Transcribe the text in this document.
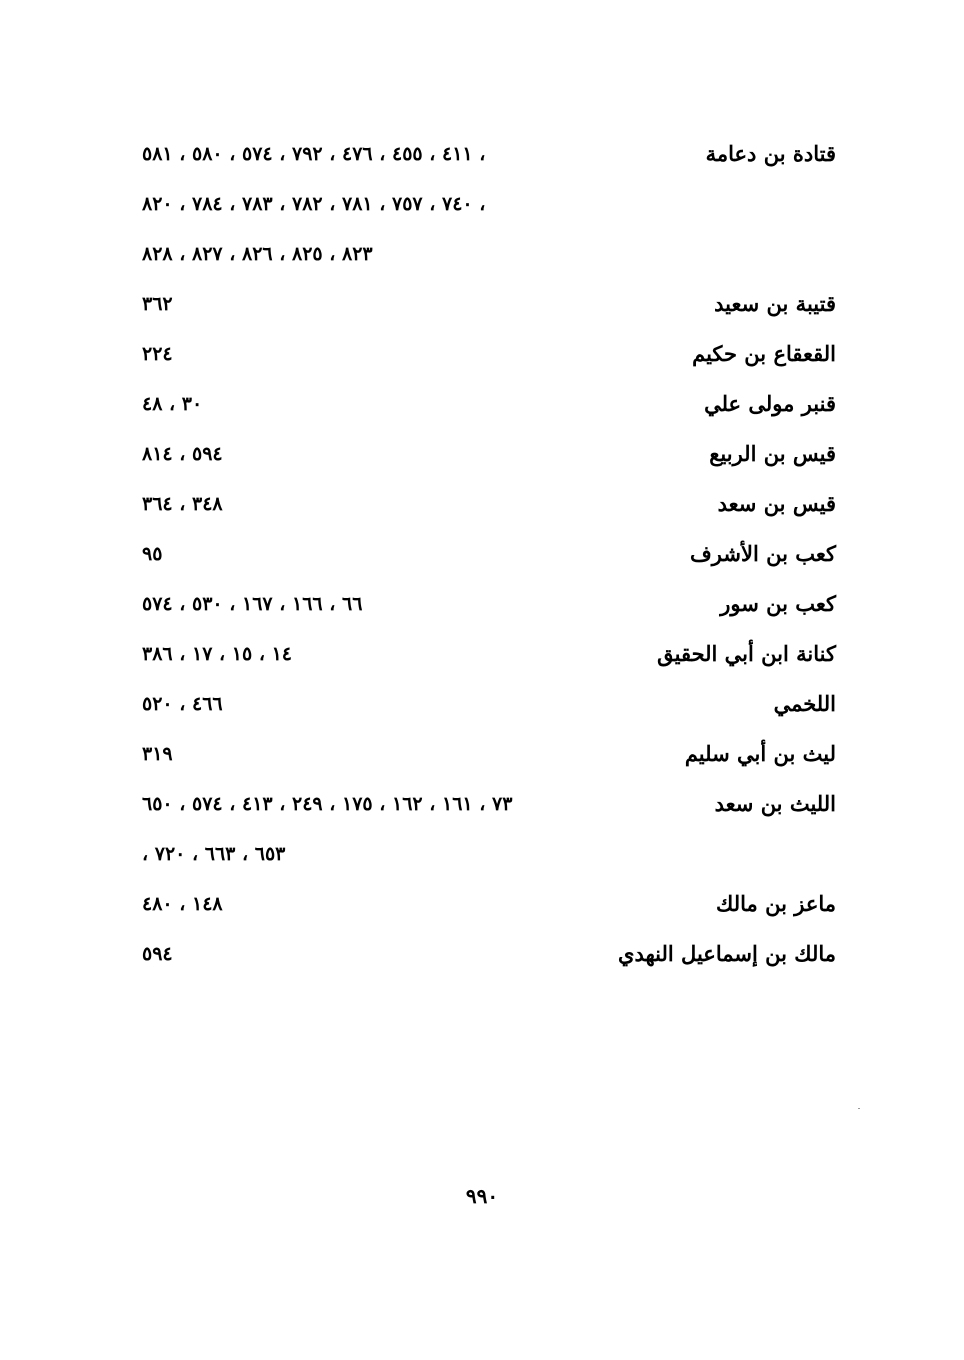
قتادة بن دعامة
٤١١ ، ٤٥٥ ، ٤٧٦ ، ٧٩٢ ، ٥٧٤ ، ٥٨٠ ، ٥٨١ ،
٧٤٠ ، ٧٥٧ ، ٧٨١ ، ٧٨٢ ، ٧٨٣ ، ٧٨٤ ، ٨٢٠ ،
٨٢٣ ، ٨٢٥ ، ٨٢٦ ، ٨٢٧ ، ٨٢٨
قتيبة بن سعيد
٣٦٢
القعقاع بن حكيم
٢٢٤
قنبر مولى علي
٣٠ ، ٤٨
قيس بن الربيع
٥٩٤ ، ٨١٤
قيس بن سعد
٣٤٨ ، ٣٦٤
كعب بن الأشرف
٩٥
كعب بن سور
٦٦ ، ١٦٦ ، ١٦٧ ، ٥٣٠ ، ٥٧٤
كنانة ابن أبي الحقيق
١٤ ، ١٥ ، ١٧ ، ٣٨٦
اللخمي
٤٦٦ ، ٥٢٠
ليث بن أبي سليم
٣١٩
الليث بن سعد
٧٣ ، ١٦١ ، ١٦٢ ، ١٧٥ ، ٢٤٩ ، ٤١٣ ، ٥٧٤ ، ٦٥٠
، ٦٥٣ ، ٦٦٣ ، ٧٢٠
ماعز بن مالك
١٤٨ ، ٤٨٠
مالك بن إسماعيل النهدي
٥٩٤
٩٩٠
